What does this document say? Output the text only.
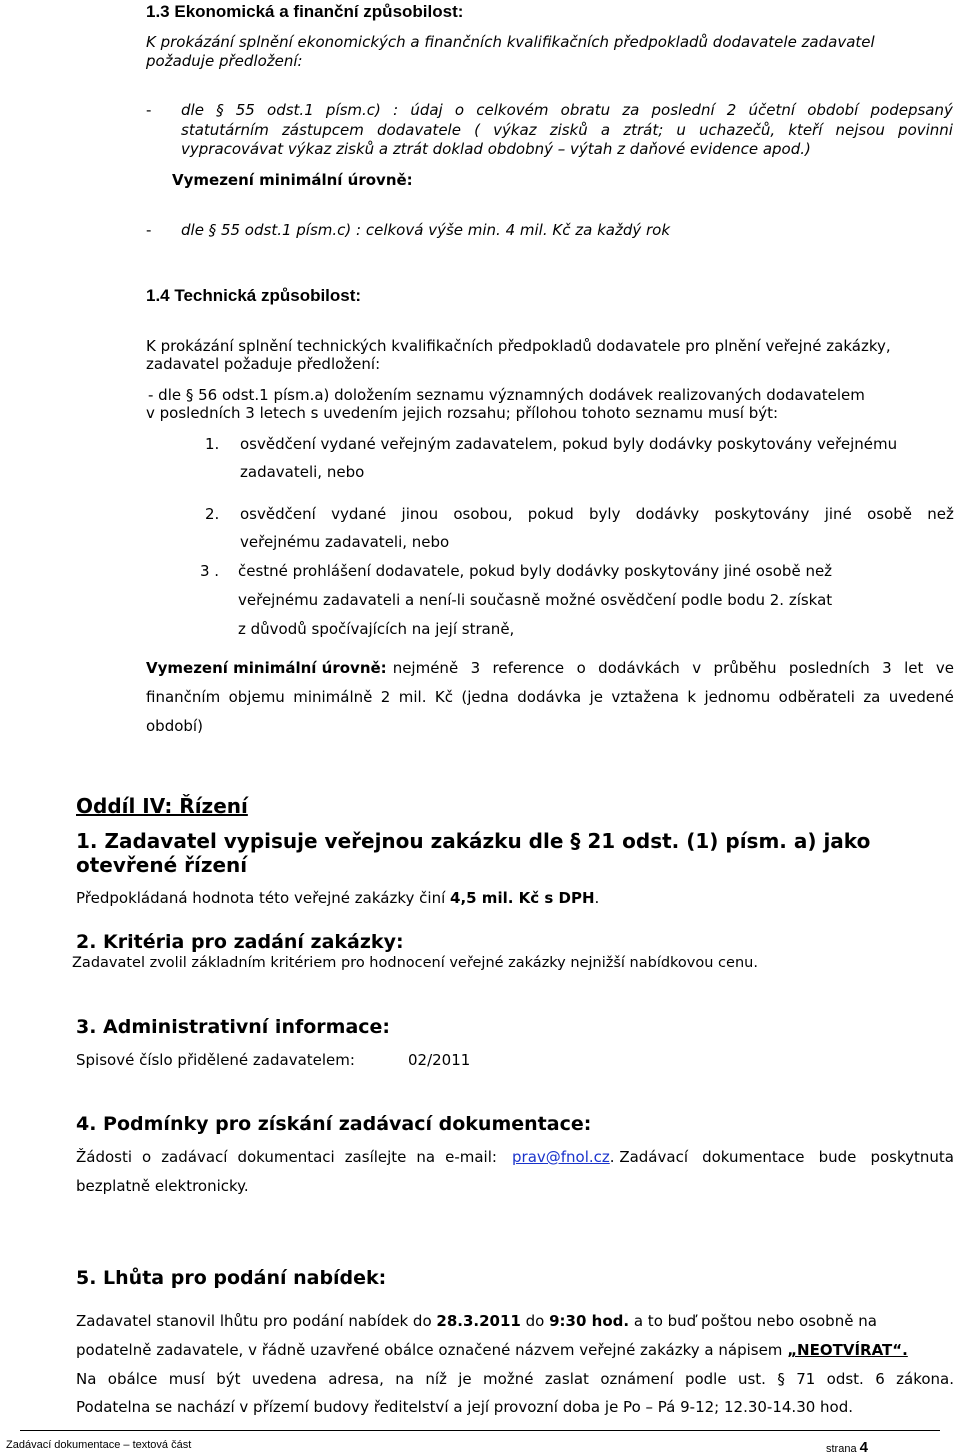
1.3 Ekonomická a finanční způsobilost:
K prokázání splnění ekonomických a finančních kvalifikačních předpokladů dodavatele zadavatel
požaduje předložení:
- dle § 55 odst.1 písm.c) : údaj o celkovém obratu za poslední 2 účetní období podepsaný
statutárním zástupcem dodavatele ( výkaz zisků a ztrát; u uchazečů, kteří nejsou povinni
vypracovávat výkaz zisků a ztrát doklad obdobný – výtah z daňové evidence apod.)
Vymezení minimální úrovně:
- dle § 55 odst.1 písm.c) : celková výše min. 4 mil. Kč za každý rok
1.4 Technická způsobilost:
K prokázání splnění technických kvalifikačních předpokladů dodavatele pro plnění veřejné zakázky,
zadavatel požaduje předložení:
- dle § 56 odst.1 písm.a) doložením seznamu významných dodávek realizovaných dodavatelem
v posledních 3 letech s uvedením jejich rozsahu; přílohou tohoto seznamu musí být:
1. osvědčení vydané veřejným zadavatelem, pokud byly dodávky poskytovány veřejnému
zadavateli, nebo
2. osvědčení vydané jinou osobou, pokud byly dodávky poskytovány jiné osobě než
veřejnému zadavateli, nebo
3 . čestné prohlášení dodavatele, pokud byly dodávky poskytovány jiné osobě než
veřejnému zadavateli a není-li současně možné osvědčení podle bodu 2. získat
z důvodů spočívajících na její straně,
Vymezení minimální úrovně: nejméně 3 reference o dodávkách v průběhu posledních 3 let ve
finančním objemu minimálně 2 mil. Kč (jedna dodávka je vztažena k jednomu odběrateli za uvedené
období)
Oddíl IV: Řízení
1. Zadavatel vypisuje veřejnou zakázku dle § 21 odst. (1) písm. a) jako
otevřené řízení
Předpokládaná hodnota této veřejné zakázky činí 4,5 mil. Kč s DPH.
2. Kritéria pro zadání zakázky:
Zadavatel zvolil základním kritériem pro hodnocení veřejné zakázky nejnižší nabídkovou cenu.
3. Administrativní informace:
Spisové číslo přidělené zadavatelem:	02/2011
4. Podmínky pro získání zadávací dokumentace:
Žádosti o zadávací dokumentaci zasílejte na e-mail: prav@fnol.cz . Zadávací dokumentace bude poskytnuta
bezplatně elektronicky.
5. Lhůta pro podání nabídek:
Zadavatel stanovil lhůtu pro podání nabídek do 28.3.2011 do 9:30 hod. a to buď poštou nebo osobně na
podatelně zadavatele, v řádně uzavřené obálce označené názvem veřejné zakázky a nápisem „NEOTVÍRAT“.
Na obálce musí být uvedena adresa, na níž je možné zaslat oznámení podle ust. § 71 odst. 6 zákona.
Podatelna se nachází v přízemí budovy ředitelství a její provozní doba je Po – Pá 9-12; 12.30-14.30 hod.
Zadávací dokumentace – textová část	strana 4
